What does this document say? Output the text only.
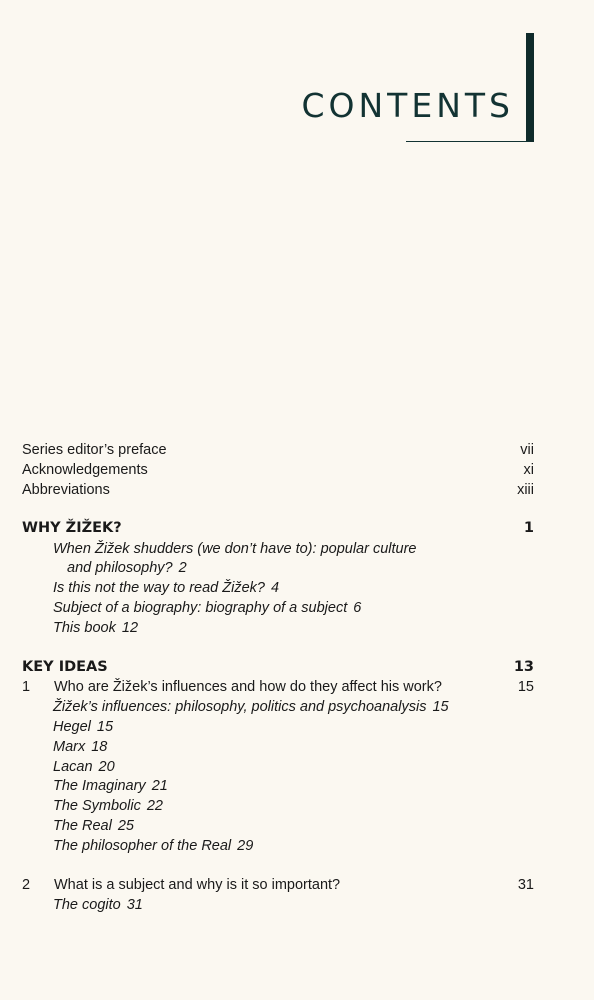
CONTENTS
Series editor’s preface	vii
Acknowledgements	xi
Abbreviations	xiii
WHY ŽIŽEK?	1
When Žižek shudders (we don’t have to): popular culture
and philosophy? 2
Is this not the way to read Žižek? 4
Subject of a biography: biography of a subject 6
This book 12
KEY IDEAS	13
1 Who are Žižek’s influences and how do they affect his work?	15
Žižek’s influences: philosophy, politics and psychoanalysis 15
Hegel 15
Marx 18
Lacan 20
The Imaginary 21
The Symbolic 22
The Real 25
The philosopher of the Real 29
2 What is a subject and why is it so important?	31
The cogito 31
